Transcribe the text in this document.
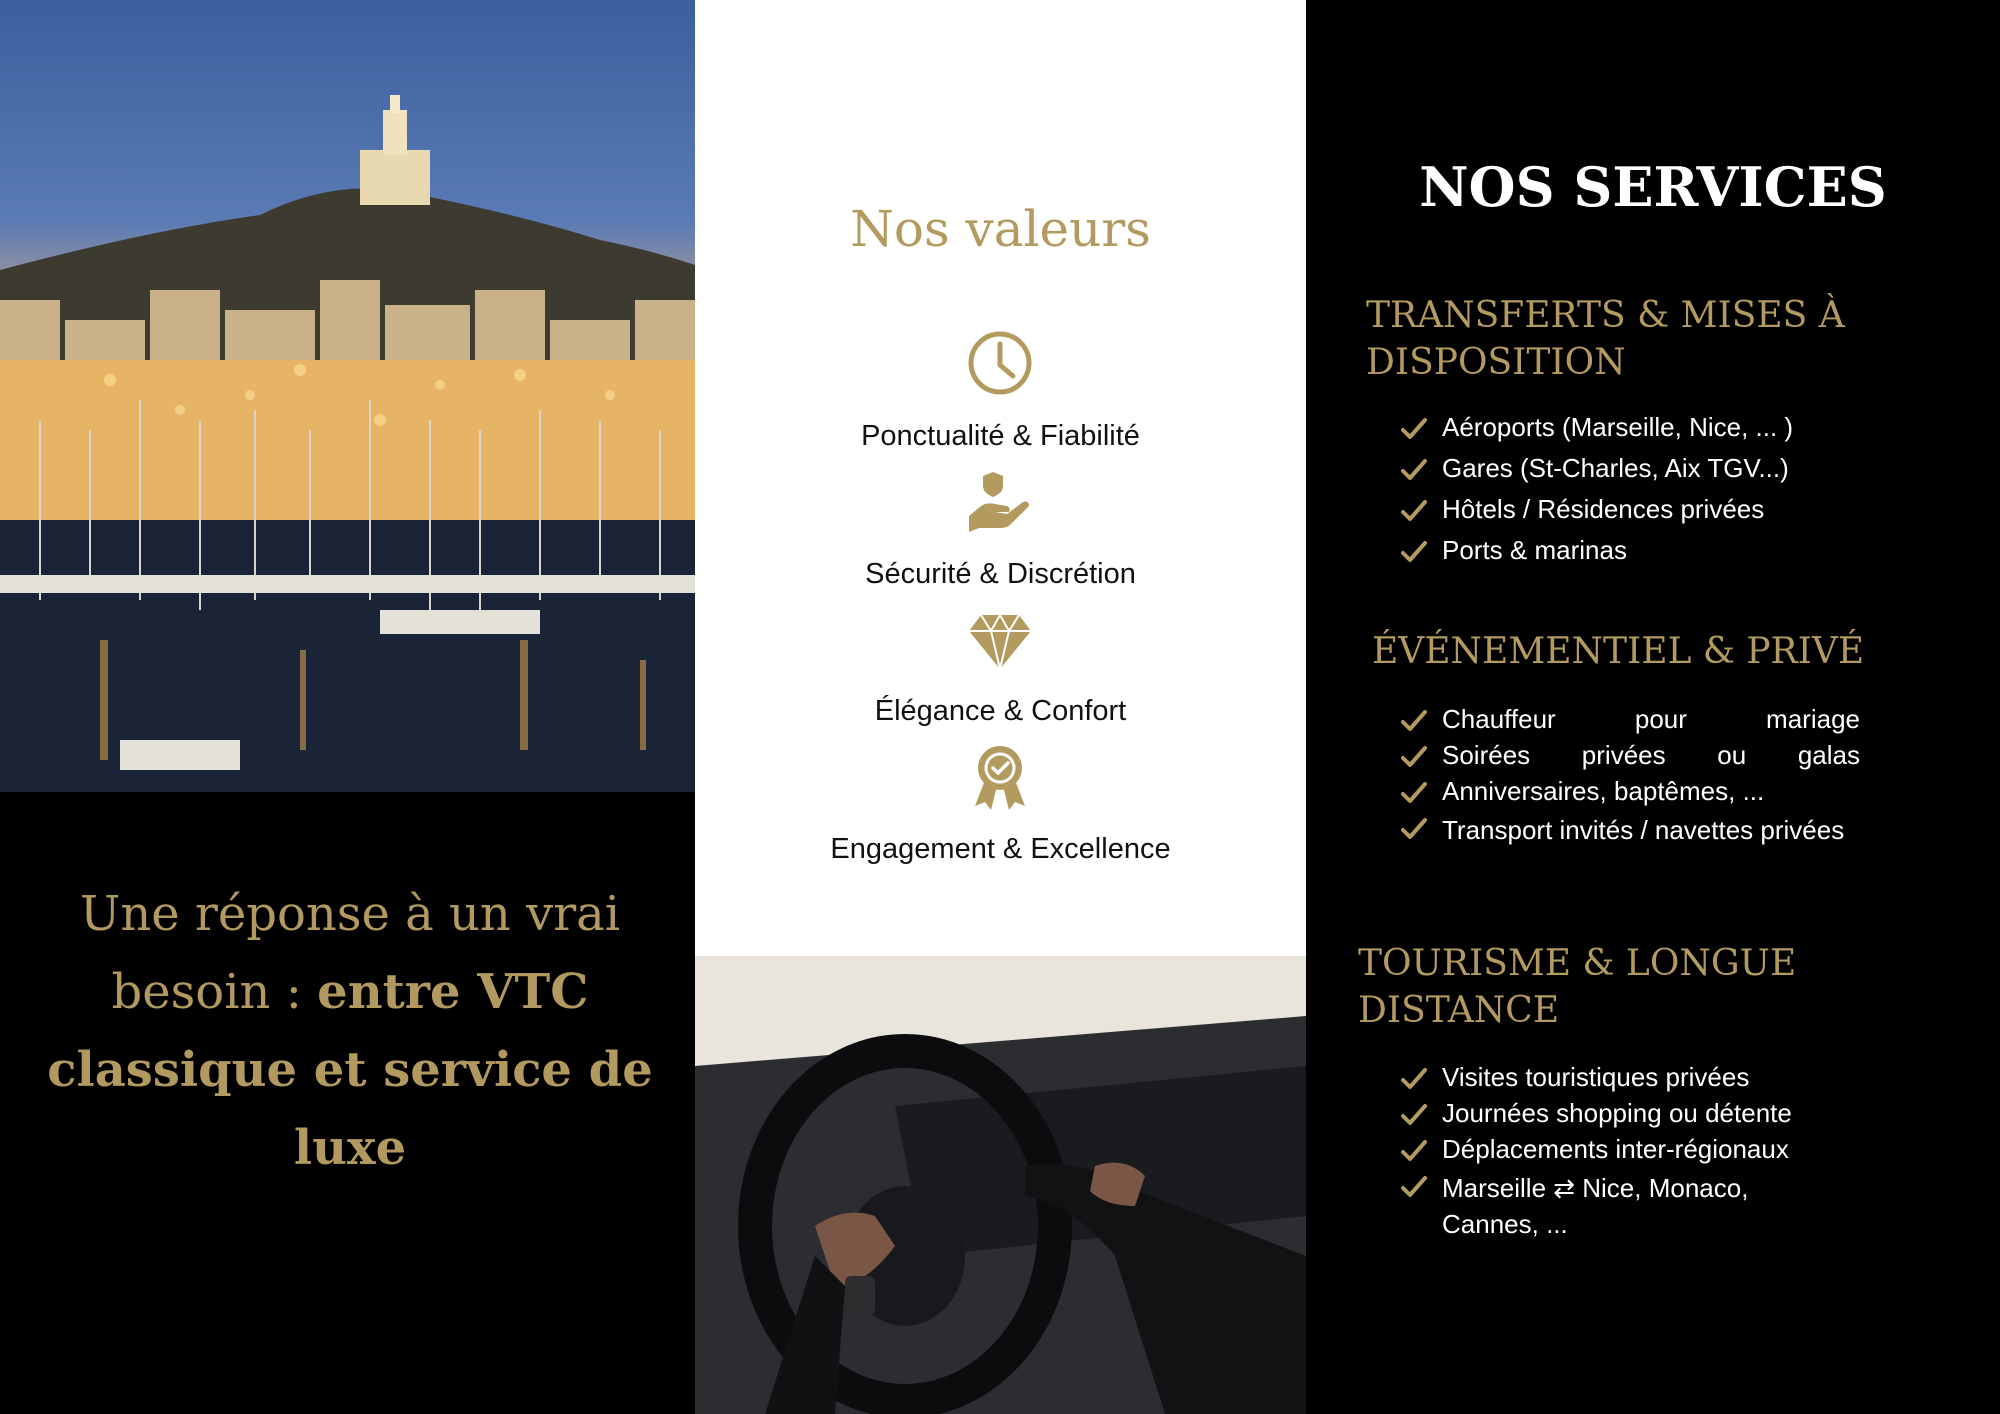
Une réponse à un vrai besoin : entre VTC classique et service de luxe
Nos valeurs
Ponctualité & Fiabilité
Sécurité & Discrétion
Élégance & Confort
Engagement & Excellence
NOS SERVICES
TRANSFERTS & MISES À DISPOSITION
Aéroports (Marseille, Nice, ... )
Gares (St-Charles, Aix TGV...)
Hôtels / Résidences privées
Ports & marinas
ÉVÉNEMENTIEL & PRIVÉ
Chauffeur pour mariage
Soirées privées ou galas
Anniversaires, baptêmes, ...
Transport invités / navettes privées
TOURISME & LONGUE DISTANCE
Visites touristiques privées
Journées shopping ou détente
Déplacements inter-régionaux
Marseille ⇄ Nice, Monaco, Cannes, ...
